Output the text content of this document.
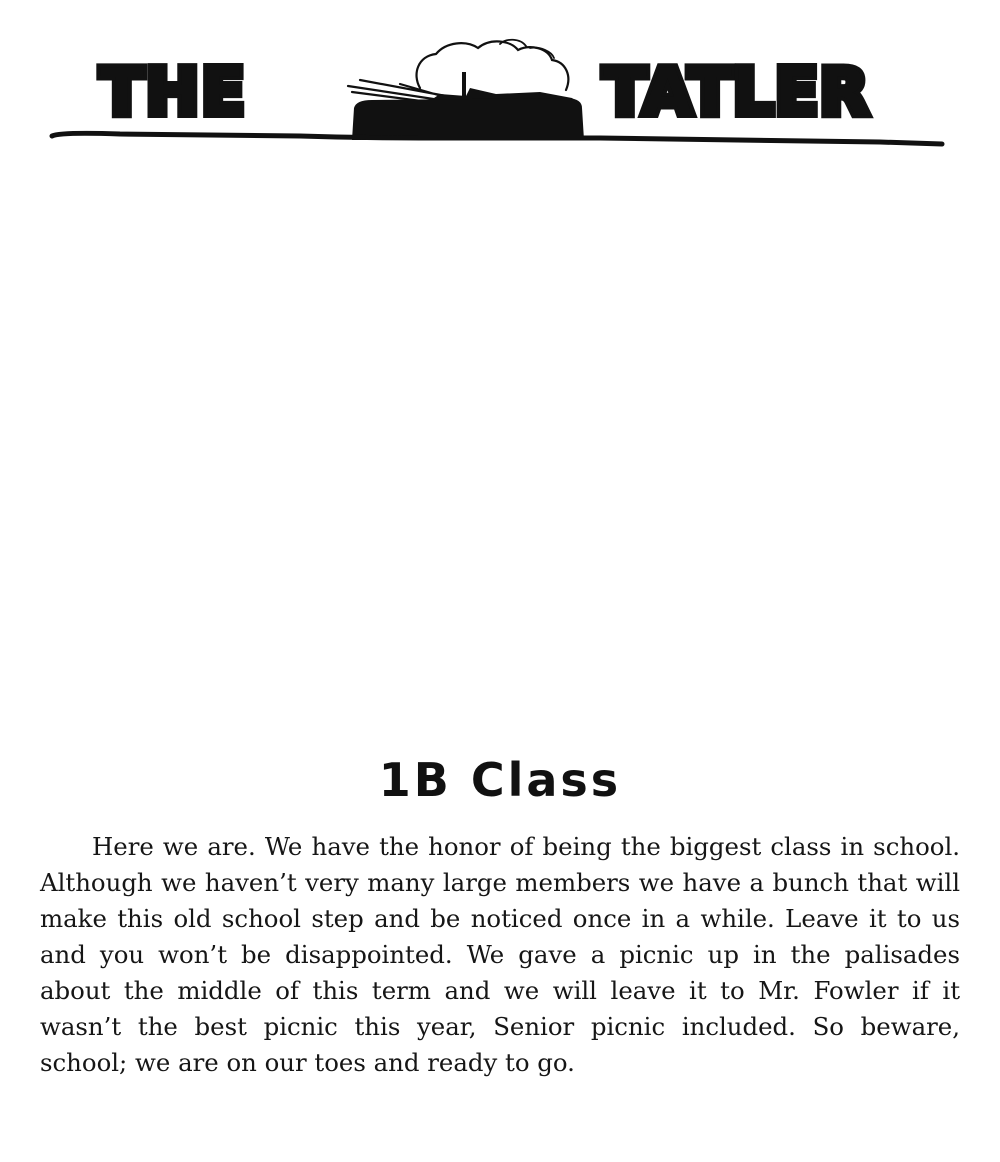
THE	TATLER
1B Class

Here we are. We have the honor of being the biggest class in school. Although we haven’t very many large members we have a bunch that will make this old school step and be noticed once in a while. Leave it to us and you won’t be disappointed. We gave a picnic up in the palisades about the middle of this term and we will leave it to Mr. Fowler if it wasn’t the best picnic this year, Senior picnic included. So beware, school; we are on our toes and ready to go.
